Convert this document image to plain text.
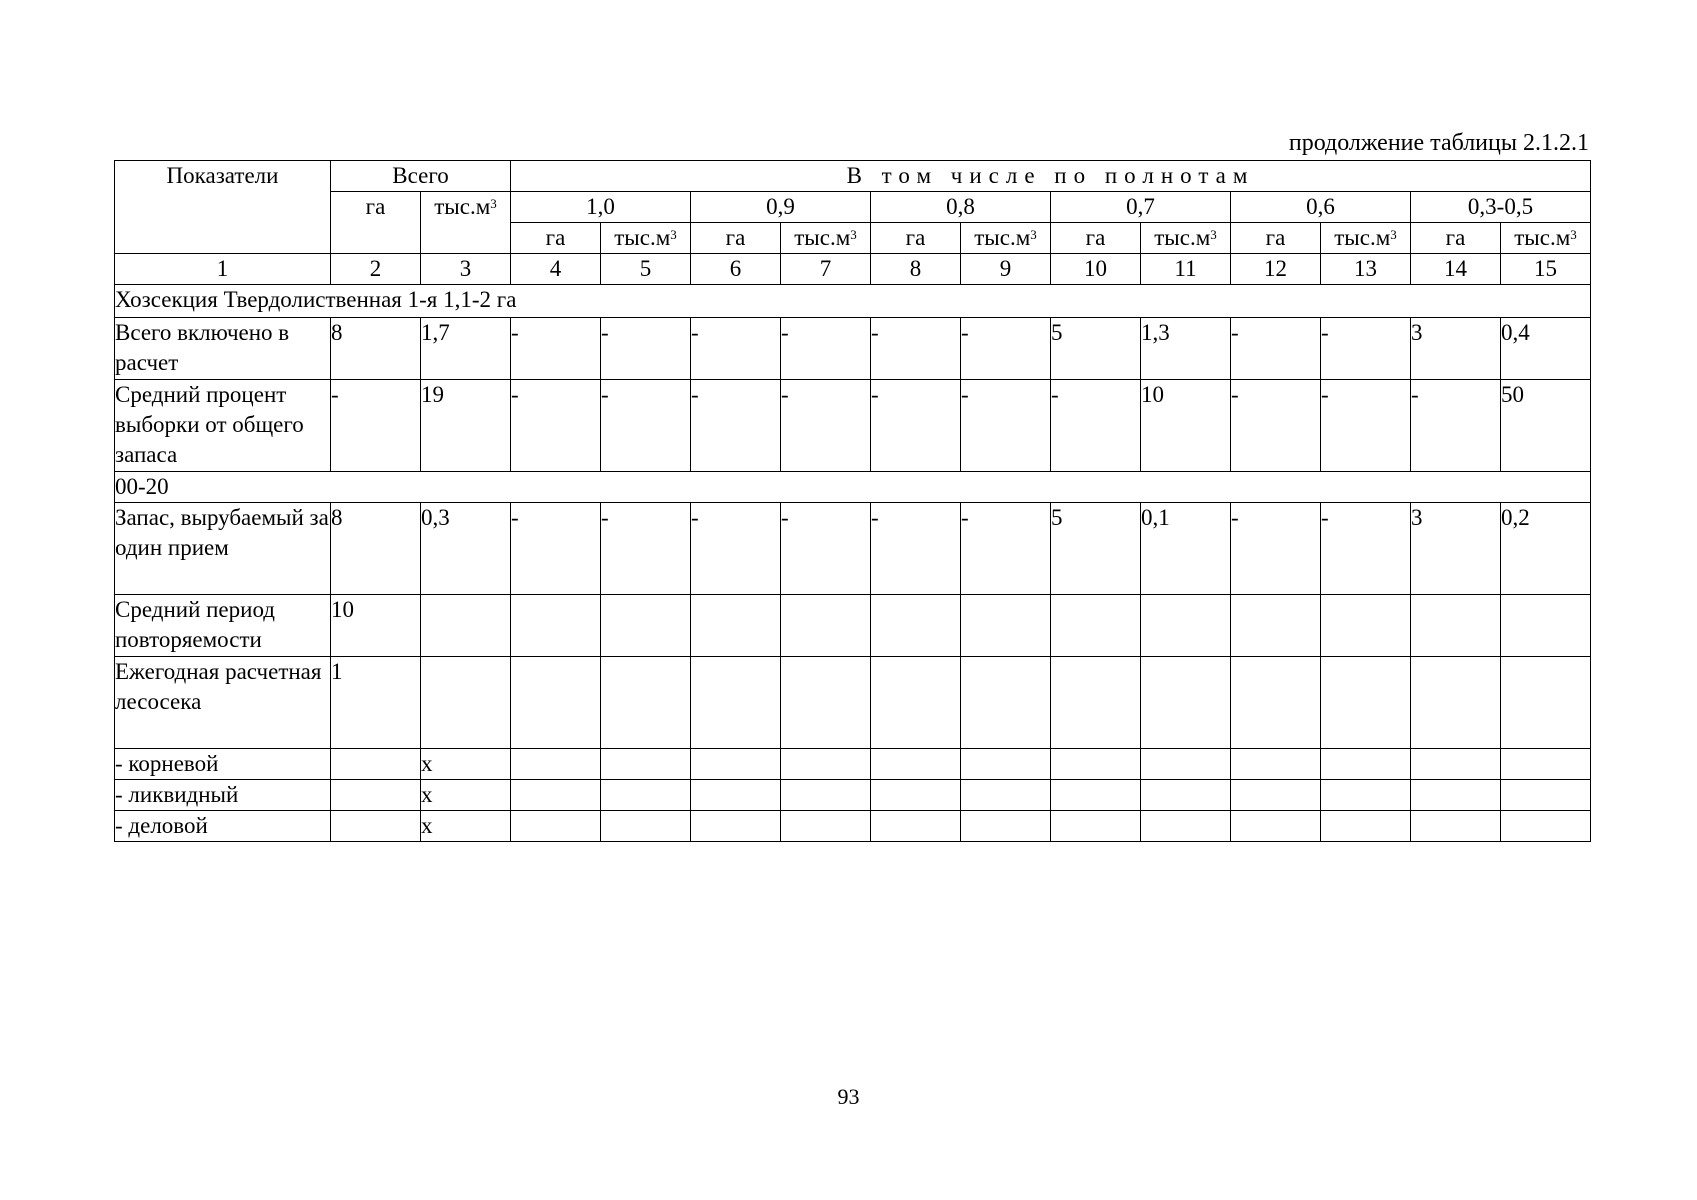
продолжение таблицы 2.1.2.1
Показатели	Всего		В том числе по полнотам											
	га	$тыс.м^3$	1,0		0,9		0,8		0,7		0,6		0,3-0,5	
			га	$тыс.м^3$	га	$тыс.м^3$	га	$тыс.м^3$	га	$тыс.м^3$	га	$тыс.м^3$	га	$тыс.м^3$
1	2	3	4	5	6	7	8	9	10	11	12	13	14	15
Хозсекция Твердолиственная 1-я 1,1-2 га														
Всего включено в расчет	8	1,7	-	-	-	-	-	-	5	1,3	-	-	3	0,4
Средний процент выборки от общего запаса	-	19	-	-	-	-	-	-	-	10	-	-	-	50
00-20														
Запас, вырубаемый за один прием	8	0,3	-	-	-	-	-	-	5	0,1	-	-	3	0,2
Средний период повторяемости	10													
Ежегодная расчетная лесосека	1													
- корневой		х												
- ликвидный		х												
- деловой		х												
93
